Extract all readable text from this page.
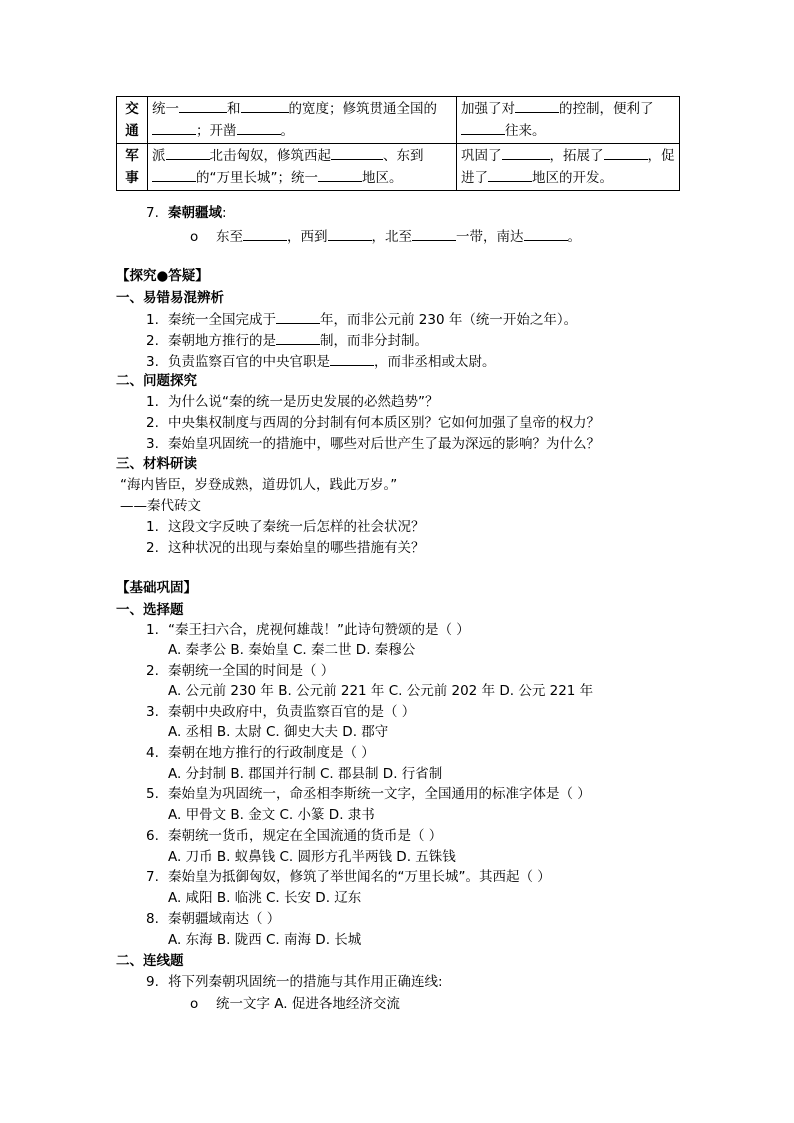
交
通	统一 和 的宽度；修筑贯通全国的；开凿 。	加强了对 的控制，便利了往来。

军
事	派 北击匈奴，修筑西起 、东到的“万里长城”；统一 地区。	巩固了 ，拓展了 ，促进了 地区的开发。
7. 秦朝疆域:
o 东至	，西到	，北至	一带，南达	。
【探究●答疑】
一、易错易混辨析
1. 秦统一全国完成于	年，而非公元前 230 年（统一开始之年）。
2. 秦朝地方推行的是	制，而非分封制。
3. 负责监察百官的中央官职是	，而非丞相或太尉。
二、问题探究
1. 为什么说“秦的统一是历史发展的必然趋势”？
2. 中央集权制度与西周的分封制有何本质区别？它如何加强了皇帝的权力？
3. 秦始皇巩固统一的措施中，哪些对后世产生了最为深远的影响？为什么？
三、材料研读
“海内皆臣，岁登成熟，道毋饥人，践此万岁。”
——秦代砖文
1. 这段文字反映了秦统一后怎样的社会状况？
2. 这种状况的出现与秦始皇的哪些措施有关？
【基础巩固】
一、选择题
1. “秦王扫六合，虎视何雄哉！”此诗句赞颂的是（ ）
A. 秦孝公 B. 秦始皇 C. 秦二世 D. 秦穆公
2. 秦朝统一全国的时间是（ ）
A. 公元前 230 年 B. 公元前 221 年 C. 公元前 202 年 D. 公元 221 年
3. 秦朝中央政府中，负责监察百官的是（ ）
A. 丞相 B. 太尉 C. 御史大夫 D. 郡守
4. 秦朝在地方推行的行政制度是（ ）
A. 分封制 B. 郡国并行制 C. 郡县制 D. 行省制
5. 秦始皇为巩固统一，命丞相李斯统一文字，全国通用的标准字体是（ ）
A. 甲骨文 B. 金文 C. 小篆 D. 隶书
6. 秦朝统一货币，规定在全国流通的货币是（ ）
A. 刀币 B. 蚁鼻钱 C. 圆形方孔半两钱 D. 五铢钱
7. 秦始皇为抵御匈奴，修筑了举世闻名的“万里长城”。其西起（ ）
A. 咸阳 B. 临洮 C. 长安 D. 辽东
8. 秦朝疆域南达（ ）
A. 东海 B. 陇西 C. 南海 D. 长城
二、连线题
9. 将下列秦朝巩固统一的措施与其作用正确连线:
o 统一文字 A. 促进各地经济交流
